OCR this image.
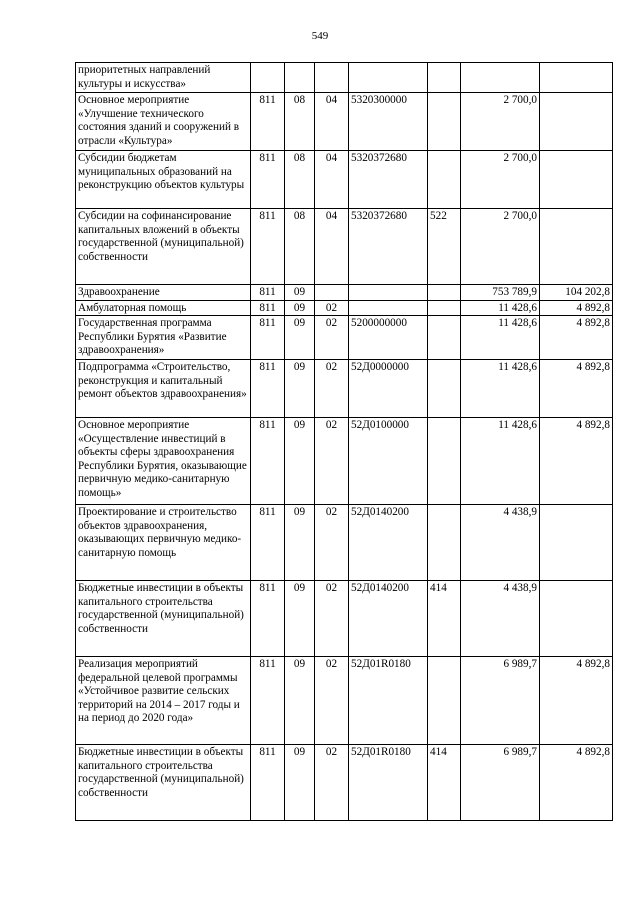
549
приоритетных направлений культуры и искусства»							
Основное мероприятие «Улучшение технического состояния зданий и сооружений в отрасли «Культура»	811	08	04	5320300000		2 700,0	
Субсидии бюджетам муниципальных образований на реконструкцию объектов культуры	811	08	04	5320372680		2 700,0	
Субсидии на софинансирование капитальных вложений в объекты государственной (муниципальной) собственности	811	08	04	5320372680	522	2 700,0	
Здравоохранение	811	09				753 789,9	104 202,8
Амбулаторная помощь	811	09	02			11 428,6	4 892,8
Государственная программа Республики Бурятия «Развитие здравоохранения»	811	09	02	5200000000		11 428,6	4 892,8
Подпрограмма «Строительство, реконструкция и капитальный ремонт объектов здравоохранения»	811	09	02	52Д0000000		11 428,6	4 892,8
Основное мероприятие «Осуществление инвестиций в объекты сферы здравоохранения Республики Бурятия, оказывающие первичную медико-санитарную помощь»	811	09	02	52Д0100000		11 428,6	4 892,8
Проектирование и строительство объектов здравоохранения, оказывающих первичную медико-санитарную помощь	811	09	02	52Д0140200		4 438,9	
Бюджетные инвестиции в объекты капитального строительства государственной (муниципальной) собственности	811	09	02	52Д0140200	414	4 438,9	
Реализация мероприятий федеральной целевой программы «Устойчивое развитие сельских территорий на 2014 – 2017 годы и на период до 2020 года»	811	09	02	52Д01R0180		6 989,7	4 892,8
Бюджетные инвестиции в объекты капитального строительства государственной (муниципальной) собственности	811	09	02	52Д01R0180	414	6 989,7	4 892,8
